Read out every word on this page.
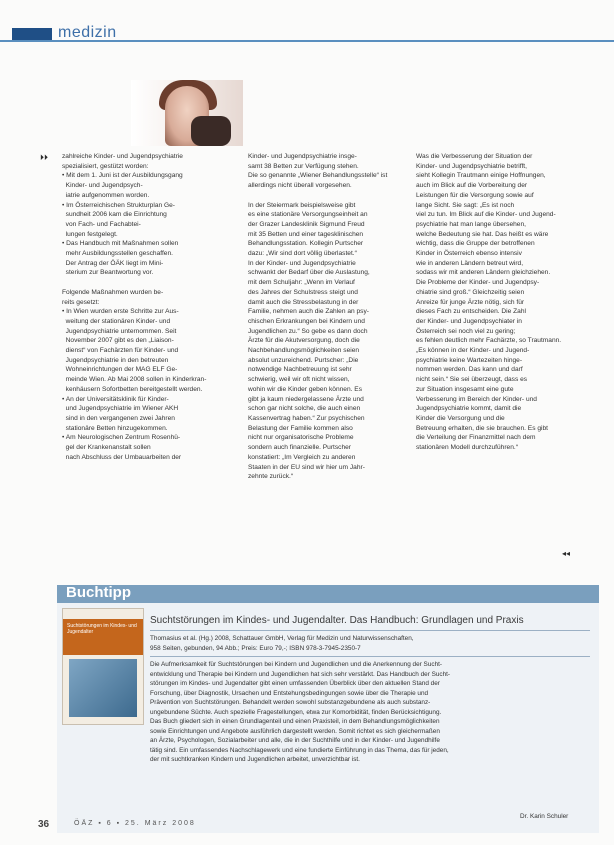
medizin
⏵⏵ zahlreiche Kinder- und Jugendpsychiatrie
spezialisiert, gestützt worden:
• Mit dem 1. Juni ist der Ausbildungsgang
Kinder- und Jugendpsych-
iatrie aufgenommen worden.
• Im Österreichischen Strukturplan Ge-
sundheit 2006 kam die Einrichtung
von Fach- und Fachabtei-
lungen festgelegt.
• Das Handbuch mit Maßnahmen sollen
mehr Ausbildungsstellen geschaffen.
Der Antrag der ÖÄK liegt im Mini-
sterium zur Beantwortung vor.

Folgende Maßnahmen wurden be-
reits gesetzt:
• In Wien wurden erste Schritte zur Aus-
weitung der stationären Kinder- und
Jugendpsychiatrie unternommen. Seit
November 2007 gibt es den „Liaison-
dienst“ von Fachärzten für Kinder- und
Jugendpsychiatrie in den betreuten
Wohneinrichtungen der MAG ELF Ge-
meinde Wien. Ab Mai 2008 sollen in Kinderkran-
kenhäusern Sofortbetten bereitgestellt werden.
• An der Universitätsklinik für Kinder-
und Jugendpsychiatrie im Wiener AKH
sind in den vergangenen zwei Jahren
stationäre Betten hinzugekommen.
• Am Neurologischen Zentrum Rosenhü-
gel der Krankenanstalt sollen
nach Abschluss der Umbauarbeiten der
Kinder- und Jugendpsychiatrie insge-
samt 38 Betten zur Verfügung stehen.
Die so genannte „Wiener Behandlungsstelle“ ist
allerdings nicht überall vorgesehen.

In der Steiermark beispielsweise gibt
es eine stationäre Versorgungseinheit an
der Grazer Landesklinik Sigmund Freud
mit 35 Betten und einer tagesklinischen
Behandlungsstation. Kollegin Purtscher
dazu: „Wir sind dort völlig überlastet.“
In der Kinder- und Jugendpsychiatrie
schwankt der Bedarf über die Auslastung,
mit dem Schuljahr: „Wenn im Verlauf
des Jahres der Schulstress steigt und
damit auch die Stressbelastung in der
Familie, nehmen auch die Zahlen an psy-
chischen Erkrankungen bei Kindern und
Jugendlichen zu.“ So gebe es dann doch
Ärzte für die Akutversorgung, doch die
Nachbehandlungsmöglichkeiten seien
absolut unzureichend. Purtscher: „Die
notwendige Nachbetreuung ist sehr
schwierig, weil wir oft nicht wissen,
wohin wir die Kinder geben können. Es
gibt ja kaum niedergelassene Ärzte und
schon gar nicht solche, die auch einen
Kassenvertrag haben.“ Zur psychischen
Belastung der Familie kommen also
nicht nur organisatorische Probleme
sondern auch finanzielle. Purtscher
konstatiert: „Im Vergleich zu anderen
Staaten in der EU sind wir hier um Jahr-
zehnte zurück.“
Was die Verbesserung der Situation der
Kinder- und Jugendpsychiatrie betrifft,
sieht Kollegin Trautmann einige Hoffnungen,
auch im Blick auf die Vorbereitung der
Leistungen für die Versorgung sowie auf
lange Sicht. Sie sagt: „Es ist noch
viel zu tun. Im Blick auf die Kinder- und Jugend-
psychiatrie hat man lange übersehen,
welche Bedeutung sie hat. Das heißt es wäre
wichtig, dass die Gruppe der betroffenen
Kinder in Österreich ebenso intensiv
wie in anderen Ländern betreut wird,
sodass wir mit anderen Ländern gleichziehen.
Die Probleme der Kinder- und Jugendpsy-
chiatrie sind groß.“ Gleichzeitig seien
Anreize für junge Ärzte nötig, sich für
dieses Fach zu entscheiden. Die Zahl
der Kinder- und Jugendpsychiater in
Österreich sei noch viel zu gering;
es fehlen deutlich mehr Fachärzte, so Trautmann.
„Es können in der Kinder- und Jugend-
psychiatrie keine Wartezeiten hinge-
nommen werden. Das kann und darf
nicht sein.“ Sie sei überzeugt, dass es
zur Situation insgesamt eine gute
Verbesserung im Bereich der Kinder- und
Jugendpsychiatrie kommt, damit die
Kinder die Versorgung und die
Betreuung erhalten, die sie brauchen. Es gibt
die Verteilung der Finanzmittel nach dem
stationären Modell durchzuführen.“
◂◂
Buchtipp
Suchtstörungen im Kindes- und Jugendalter
Suchtstörungen im Kindes- und Jugendalter. Das Handbuch: Grundlagen und Praxis
Thomasius et al. (Hg.) 2008, Schattauer GmbH, Verlag für Medizin und Naturwissenschaften,
958 Seiten, gebunden, 94 Abb.; Preis: Euro 79,-; ISBN 978-3-7945-2350-7
Die Aufmerksamkeit für Suchtstörungen bei Kindern und Jugendlichen und die Anerkennung der Sucht-
entwicklung und Therapie bei Kindern und Jugendlichen hat sich sehr verstärkt. Das Handbuch der Sucht-
störungen im Kindes- und Jugendalter gibt einen umfassenden Überblick über den aktuellen Stand der
Forschung, über Diagnostik, Ursachen und Entstehungsbedingungen sowie über die Therapie und
Prävention von Suchtstörungen. Behandelt werden sowohl substanzgebundene als auch substanz-
ungebundene Süchte. Auch spezielle Fragestellungen, etwa zur Komorbidität, finden Berücksichtigung.
Das Buch gliedert sich in einen Grundlagenteil und einen Praxisteil, in dem Behandlungsmöglichkeiten
sowie Einrichtungen und Angebote ausführlich dargestellt werden. Somit richtet es sich gleichermaßen
an Ärzte, Psychologen, Sozialarbeiter und alle, die in der Suchthilfe und in der Kinder- und Jugendhilfe
tätig sind. Ein umfassendes Nachschlagewerk und eine fundierte Einführung in das Thema, das für jeden,
der mit suchtkranken Kindern und Jugendlichen arbeitet, unverzichtbar ist.
Dr. Karin Schuler
36	ÖÄZ ▪ 6 ▪ 25. März 2008
